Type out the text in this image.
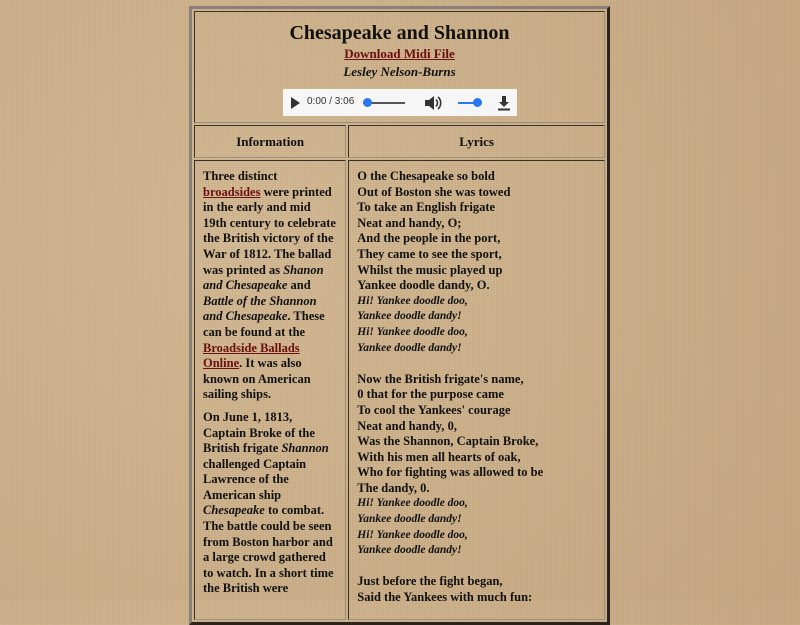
Chesapeake and Shannon
Download Midi File
Lesley Nelson-Burns
0:00 / 3:06
Information	Lyrics

Three distinct broadsides were printed in the early and mid 19th century to celebrate the British victory of the War of 1812. The ballad was printed as Shanon and Chesapeake and Battle of the Shannon and Chesapeake. These can be found at the Broadside Ballads Online. It was also known on American sailing ships.

On June 1, 1813, Captain Broke of the British frigate Shannon challenged Captain Lawrence of the American ship Chesapeake to combat. The battle could be seen from Boston harbor and a large crowd gathered to watch. In a short time the British were

O the Chesapeake so bold
Out of Boston she was towed
To take an English frigate
Neat and handy, O;
And the people in the port,
They came to see the sport,
Whilst the music played up
Yankee doodle dandy, O.
Hi! Yankee doodle doo,
Yankee doodle dandy!
Hi! Yankee doodle doo,
Yankee doodle dandy!
Now the British frigate's name,
0 that for the purpose came
To cool the Yankees' courage
Neat and handy, 0,
Was the Shannon, Captain Broke,
With his men all hearts of oak,
Who for fighting was allowed to be
The dandy, 0.
Hi! Yankee doodle doo,
Yankee doodle dandy!
Hi! Yankee doodle doo,
Yankee doodle dandy!
Just before the fight began,
Said the Yankees with much fun:
